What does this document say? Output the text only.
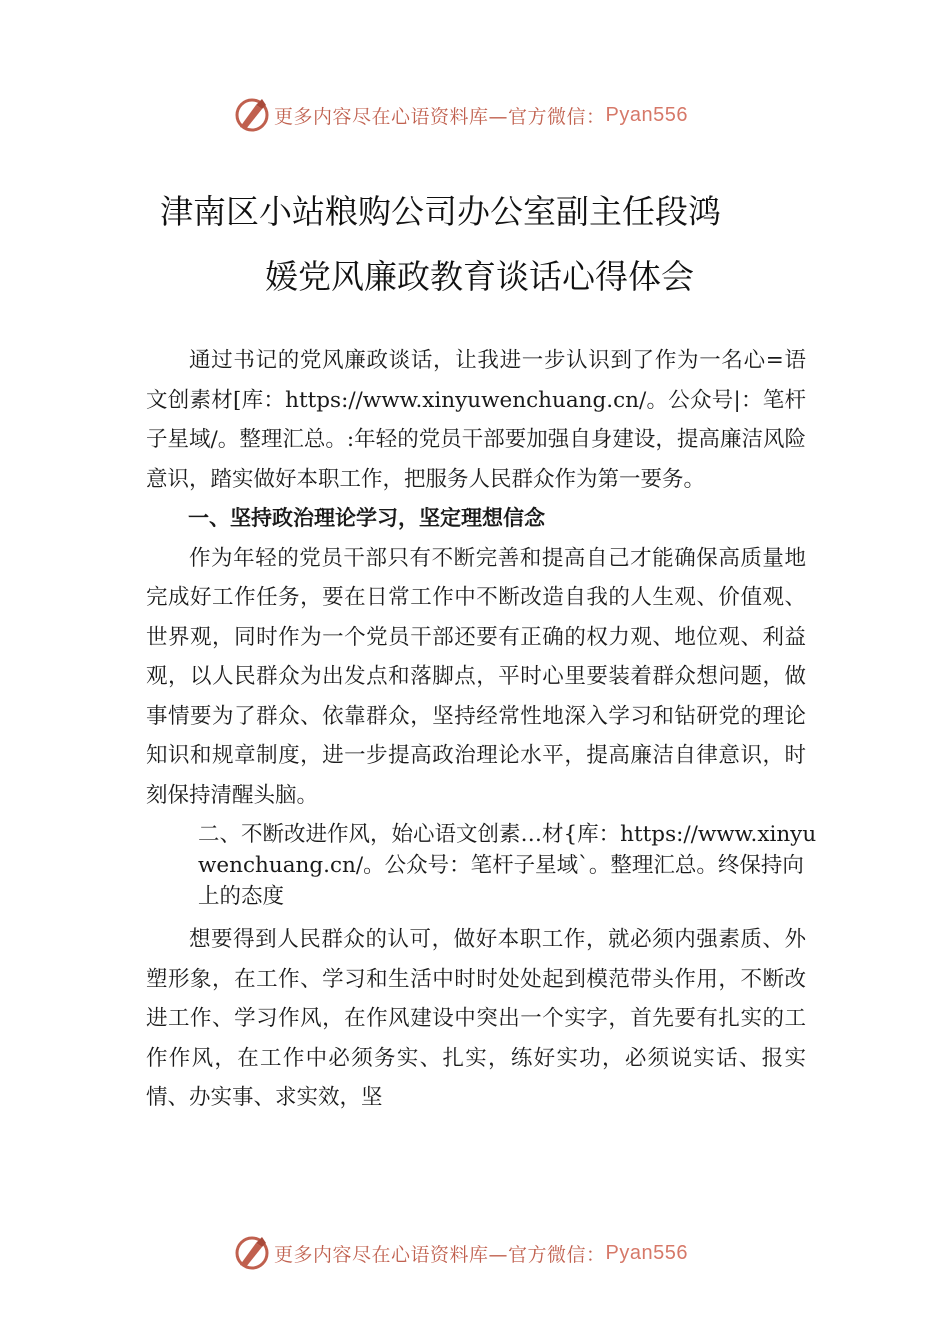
更多内容尽在心语资料库—官方微信： Pyan556
津南区小站粮购公司办公室副主任段鸿
媛党风廉政教育谈话心得体会

通过书记的党风廉政谈话，让我进一步认识到了作为一名心=语文创素材[库：https://www.xinyuwenchuang.cn/。公众号|：笔杆子星域/。整理汇总。:年轻的党员干部要加强自身建设，提高廉洁风险意识，踏实做好本职工作，把服务人民群众作为第一要务。

一、坚持政治理论学习，坚定理想信念

作为年轻的党员干部只有不断完善和提高自己才能确保高质量地完成好工作任务，要在日常工作中不断改造自我的人生观、价值观、世界观，同时作为一个党员干部还要有正确的权力观、地位观、利益观，以人民群众为出发点和落脚点，平时心里要装着群众想问题，做事情要为了群众、依靠群众，坚持经常性地深入学习和钻研党的理论知识和规章制度，进一步提高政治理论水平，提高廉洁自律意识，时刻保持清醒头脑。

二、不断改进作风，始心语文创素…材{库：https://www.xinyuwenchuang.cn/。公众号：笔杆子星域`。整理汇总。终保持向上的态度

想要得到人民群众的认可，做好本职工作，就必须内强素质、外塑形象，在工作、学习和生活中时时处处起到模范带头作用，不断改进工作、学习作风，在作风建设中突出一个实字，首先要有扎实的工作作风，在工作中必须务实、扎实，练好实功，必须说实话、报实情、办实事、求实效，坚

更多内容尽在心语资料库—官方微信： Pyan556
